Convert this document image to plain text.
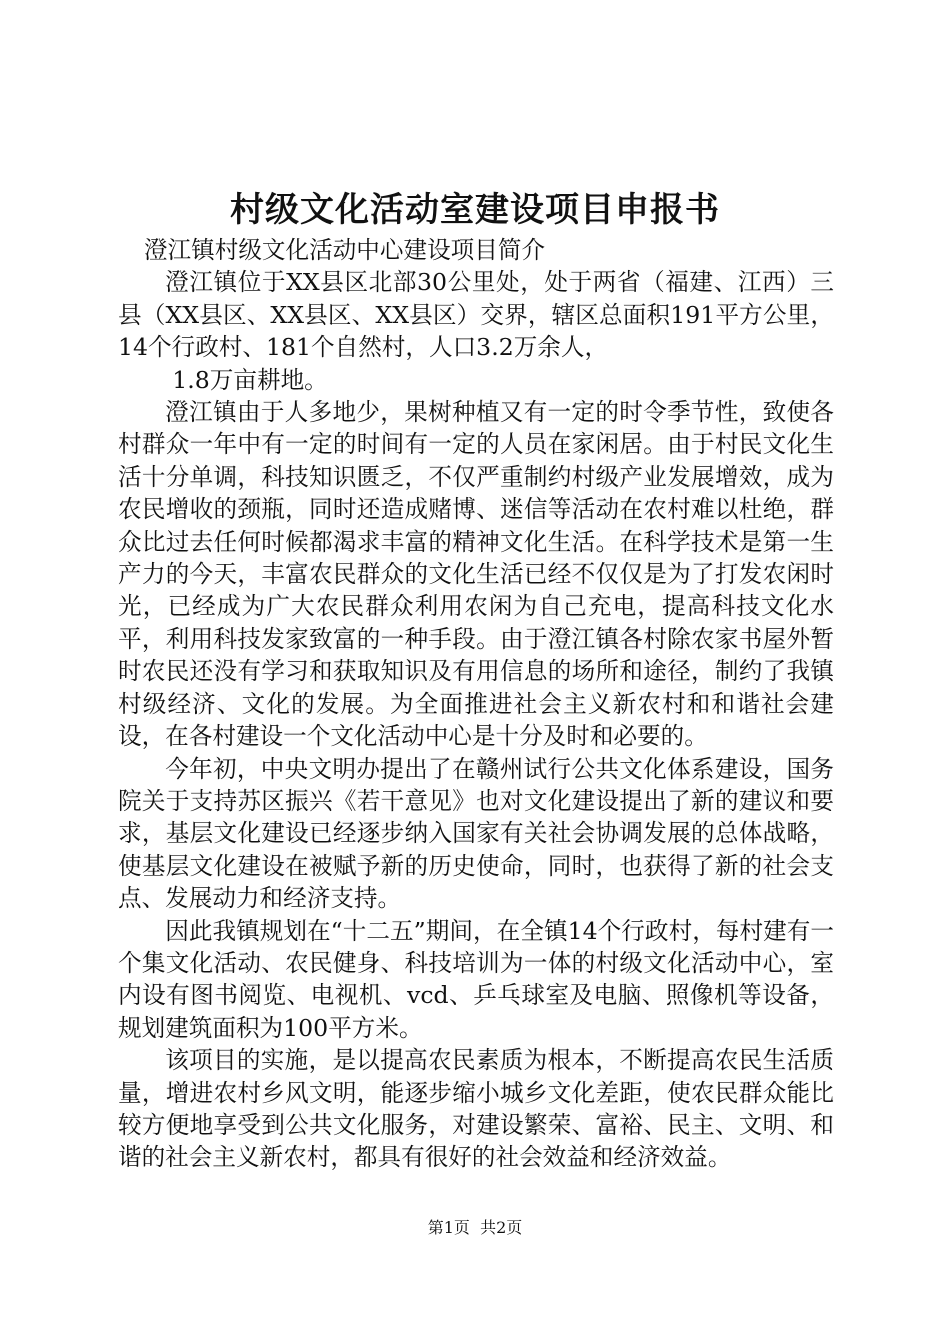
村级文化活动室建设项目申报书

澄江镇村级文化活动中心建设项目简介

澄江镇位于XX县区北部30公里处，处于两省（福建、江西）三县（XX县区、XX县区、XX县区）交界，辖区总面积191平方公里，14个行政村、181个自然村，人口3.2万余人，

1.8万亩耕地。

澄江镇由于人多地少，果树种植又有一定的时令季节性，致使各村群众一年中有一定的时间有一定的人员在家闲居。由于村民文化生活十分单调，科技知识匮乏，不仅严重制约村级产业发展增效，成为农民增收的颈瓶，同时还造成赌博、迷信等活动在农村难以杜绝，群众比过去任何时候都渴求丰富的精神文化生活。在科学技术是第一生产力的今天，丰富农民群众的文化生活已经不仅仅是为了打发农闲时光，已经成为广大农民群众利用农闲为自己充电，提高科技文化水平，利用科技发家致富的一种手段。由于澄江镇各村除农家书屋外暂时农民还没有学习和获取知识及有用信息的场所和途径，制约了我镇村级经济、文化的发展。为全面推进社会主义新农村和和谐社会建设，在各村建设一个文化活动中心是十分及时和必要的。

今年初，中央文明办提出了在赣州试行公共文化体系建设，国务院关于支持苏区振兴《若干意见》也对文化建设提出了新的建议和要求，基层文化建设已经逐步纳入国家有关社会协调发展的总体战略，使基层文化建设在被赋予新的历史使命，同时，也获得了新的社会支点、发展动力和经济支持。

因此我镇规划在“十二五”期间，在全镇14个行政村，每村建有一个集文化活动、农民健身、科技培训为一体的村级文化活动中心，室内设有图书阅览、电视机、vcd、乒乓球室及电脑、照像机等设备，规划建筑面积为100平方米。

该项目的实施，是以提高农民素质为根本，不断提高农民生活质量，增进农村乡风文明，能逐步缩小城乡文化差距，使农民群众能比较方便地享受到公共文化服务，对建设繁荣、富裕、民主、文明、和谐的社会主义新农村，都具有很好的社会效益和经济效益。

第1页  共2页
